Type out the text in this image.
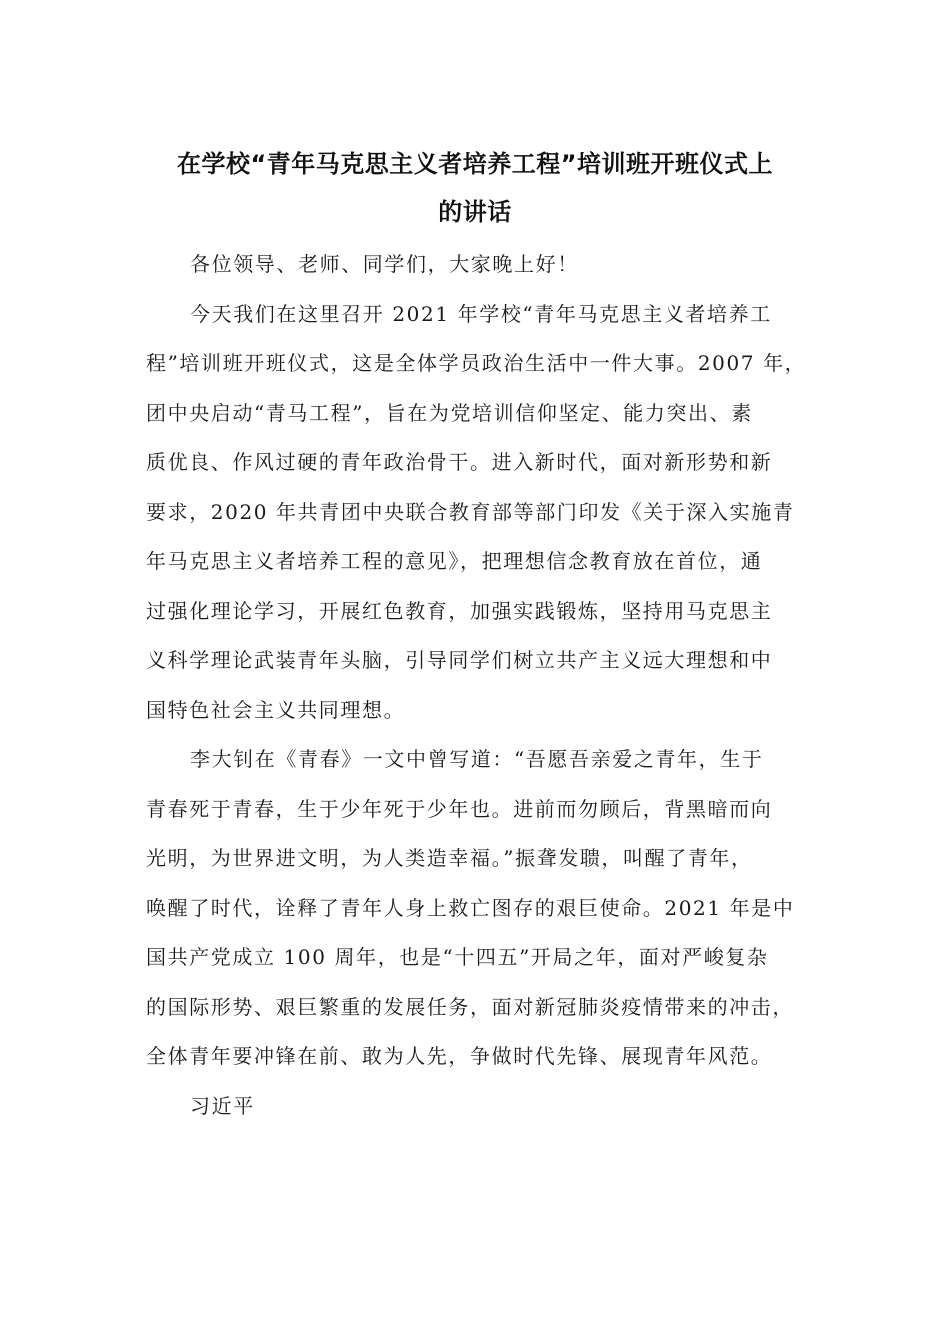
在学校“青年马克思主义者培养工程”培训班开班仪式上
的讲话
各位领导、老师、同学们，大家晚上好！
今天我们在这里召开 2021 年学校“青年马克思主义者培养工
程”培训班开班仪式，这是全体学员政治生活中一件大事。2007 年，
团中央启动“青马工程”，旨在为党培训信仰坚定、能力突出、素
质优良、作风过硬的青年政治骨干。进入新时代，面对新形势和新
要求，2020 年共青团中央联合教育部等部门印发《关于深入实施青
年马克思主义者培养工程的意见》，把理想信念教育放在首位，通
过强化理论学习，开展红色教育，加强实践锻炼，坚持用马克思主
义科学理论武装青年头脑，引导同学们树立共产主义远大理想和中
国特色社会主义共同理想。
李大钊在《青春》一文中曾写道：“吾愿吾亲爱之青年，生于
青春死于青春，生于少年死于少年也。进前而勿顾后，背黑暗而向
光明，为世界进文明，为人类造幸福。”振聋发聩，叫醒了青年，
唤醒了时代，诠释了青年人身上救亡图存的艰巨使命。2021 年是中
国共产党成立 100 周年，也是“十四五”开局之年，面对严峻复杂
的国际形势、艰巨繁重的发展任务，面对新冠肺炎疫情带来的冲击，
全体青年要冲锋在前、敢为人先，争做时代先锋、展现青年风范。
习近平
